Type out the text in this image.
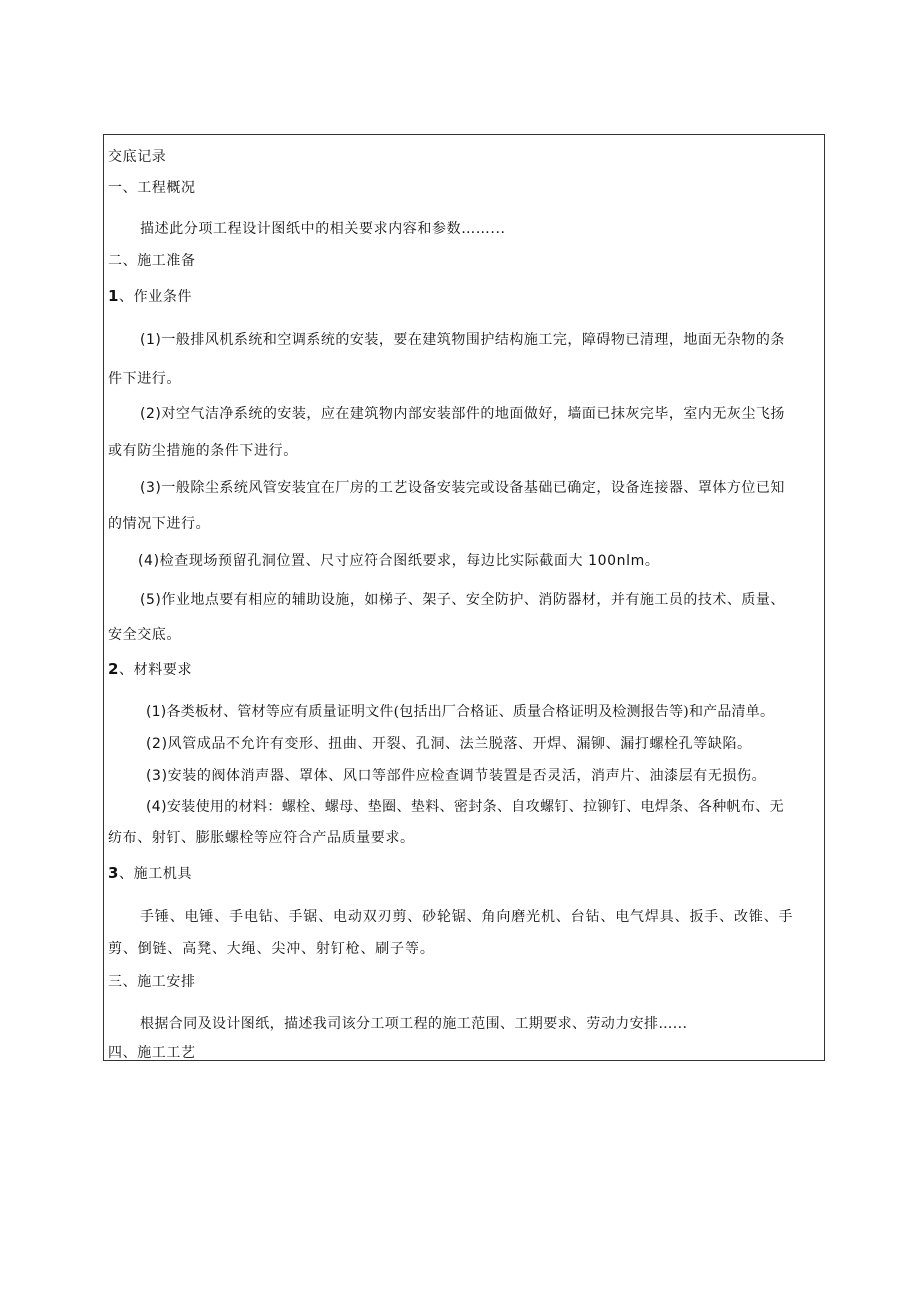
交底记录
一、工程概况
描述此分项工程设计图纸中的相关要求内容和参数……...
二、施工准备
1、作业条件
(1)一般排风机系统和空调系统的安装，要在建筑物围护结构施工完，障碍物已清理，地面无杂物的条
件下进行。
(2)对空气洁净系统的安装，应在建筑物内部安装部件的地面做好，墙面已抹灰完毕，室内无灰尘飞扬
或有防尘措施的条件下进行。
(3)一般除尘系统风管安装宜在厂房的工艺设备安装完或设备基础已确定，设备连接器、罩体方位已知
的情况下进行。
(4)检查现场预留孔洞位置、尺寸应符合图纸要求，每边比实际截面大 100nlm。
(5)作业地点要有相应的辅助设施，如梯子、架子、安全防护、消防器材，并有施工员的技术、质量、
安全交底。
2、材料要求
(1)各类板材、管材等应有质量证明文件(包括出厂合格证、质量合格证明及检测报告等)和产品清单。
(2)风管成品不允许有变形、扭曲、开裂、孔洞、法兰脱落、开焊、漏铆、漏打螺栓孔等缺陷。
(3)安装的阀体消声器、罩体、风口等部件应检查调节装置是否灵活，消声片、油漆层有无损伤。
(4)安装使用的材料：螺栓、螺母、垫圈、垫料、密封条、自攻螺钉、拉铆钉、电焊条、各种帆布、无
纺布、射钉、膨胀螺栓等应符合产品质量要求。
3、施工机具
手锤、电锤、手电钻、手锯、电动双刃剪、砂轮锯、角向磨光机、台钻、电气焊具、扳手、改锥、手
剪、倒链、高凳、大绳、尖冲、射钉枪、刷子等。
三、施工安排
根据合同及设计图纸，描述我司该分工项工程的施工范围、工期要求、劳动力安排…...
四、施工工艺
